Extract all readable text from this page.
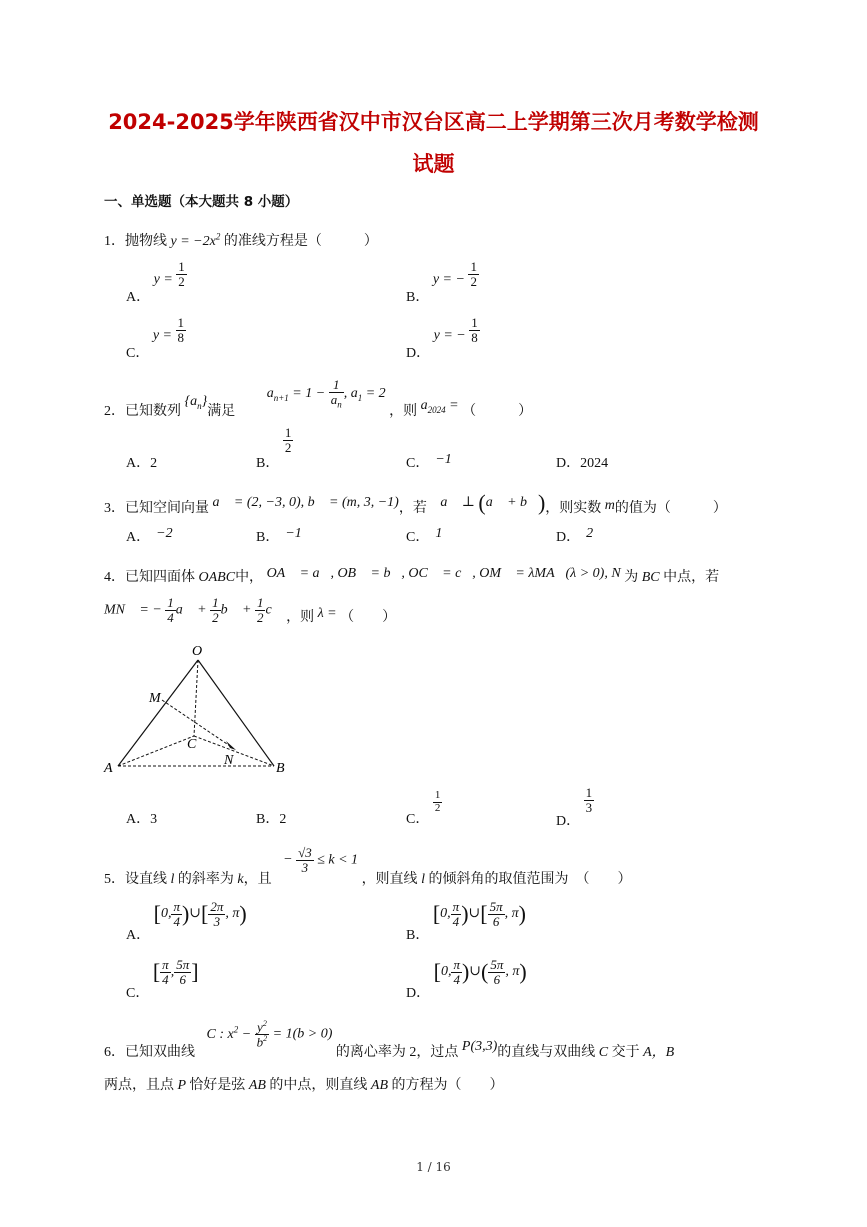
2024-2025学年陕西省汉中市汉台区高二上学期第三次月考数学检测
试题
一、单选题（本大题共 8 小题）
1．抛物线 $y = -2x^2$ 的准线方程是（　　　）
A． $y = \frac{1}{2}$
B． y = − $\frac{1}{2}$
C． $y = \frac{1}{8}$
D． y = − $\frac{1}{8}$
2．已知数列 $\{a_n\}$满足 $a_{n+1} = 1 - \frac{1}{a_n}$ , $a_1 = 2$ ，则 $a_{2024}$ = （　　　）
A．2	B．
$\frac{1}{2}$
C． −1	D．2024
3．已知空间向量 a⃗ = (2, −3, 0), b⃗ = (m, 3, −1)，若 a⃗ ⊥ (a⃗ + b⃗)，则实数 m的值为（　　　）
A． −2	B． −1	C． 1	D． 2
4．已知四面体 OABC中， OA⃗ = a⃗, OB⃗ = b⃗, OC⃗ = c⃗, OM⃗ = λMA⃗(λ > 0), N 为 BC 中点，若
MN⃗ = − $\frac{1}{4}$ a⃗ + $\frac{1}{2}$ b⃗ + $\frac{1}{2}$ c⃗ ，则 λ = （　　）
O
M
C
A
N
B
A．3	B．2	C．
$\frac{1}{2}$
D．
$\frac{1}{3}$
5．设直线 l 的斜率为 k，且 − $\frac{√3}{3} \le k < 1$ ，则直线 l 的倾斜角的取值范围为　（　　）
A． [0, $\frac{\pi}{4}$ )∪[ $\frac{2\pi}{3}$ , π)
B． [0, $\frac{\pi}{4}$ )∪[ $\frac{5\pi}{6}$ , π)
C． [ $\frac{\pi}{4}$ , $\frac{5\pi}{6}$ ]
D． [0, $\frac{\pi}{4}$ )∪( $\frac{5\pi}{6}$ , π)
6．已知双曲线 C : $x^2 - \frac{y^2}{b^2} = 1(b > 0)$ 的离心率为 2，过点 P(3,3)的直线与双曲线 C 交于 A，B
两点，且点 P 恰好是弦 AB 的中点，则直线 AB 的方程为（　　）
1 / 16
